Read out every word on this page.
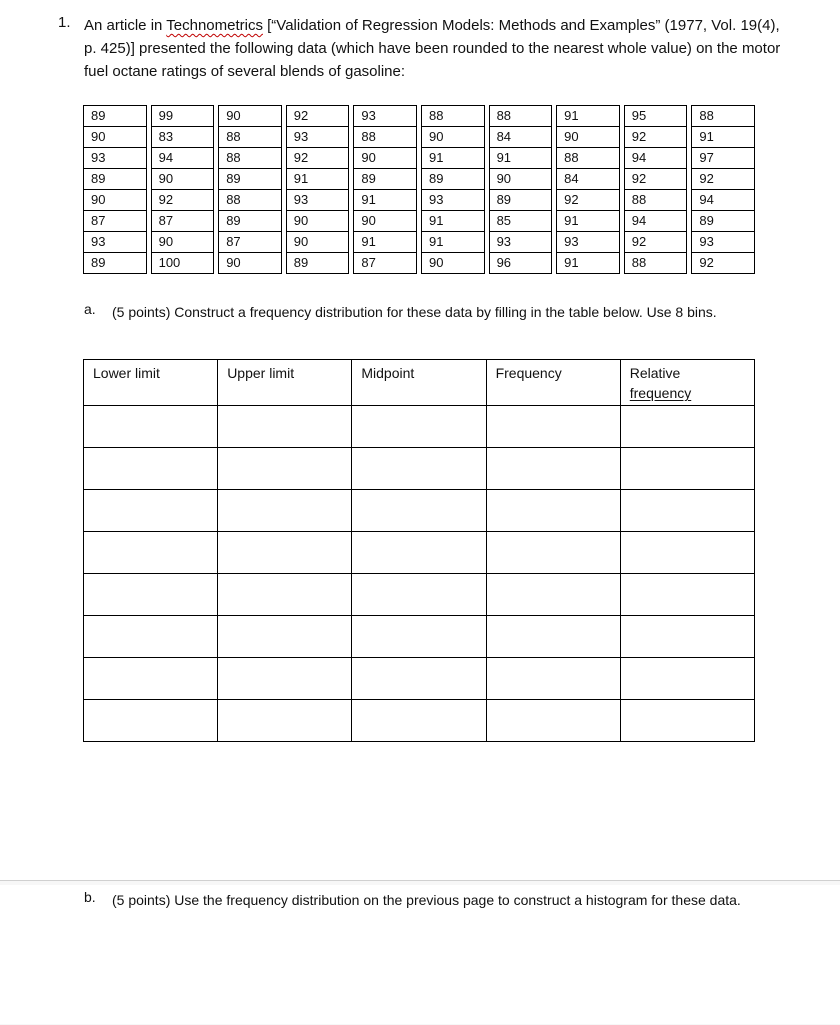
1. An article in Technometrics [“Validation of Regression Models: Methods and Examples” (1977, Vol. 19(4), p. 425)] presented the following data (which have been rounded to the nearest whole value) on the motor fuel octane ratings of several blends of gasoline:
89		99		90		92		93		88		88		91		95		88
90		83		88		93		88		90		84		90		92		91
93		94		88		92		90		91		91		88		94		97
89		90		89		91		89		89		90		84		92		92
90		92		88		93		91		93		89		92		88		94
87		87		89		90		90		91		85		91		94		89
93		90		87		90		91		91		93		93		92		93
89		100		90		89		87		90		96		91		88		92
a. (5 points) Construct a frequency distribution for these data by filling in the table below. Use 8 bins.
Lower limit	Upper limit	Midpoint	Frequency	Relative
frequency

b. (5 points) Use the frequency distribution on the previous page to construct a histogram for these data.
